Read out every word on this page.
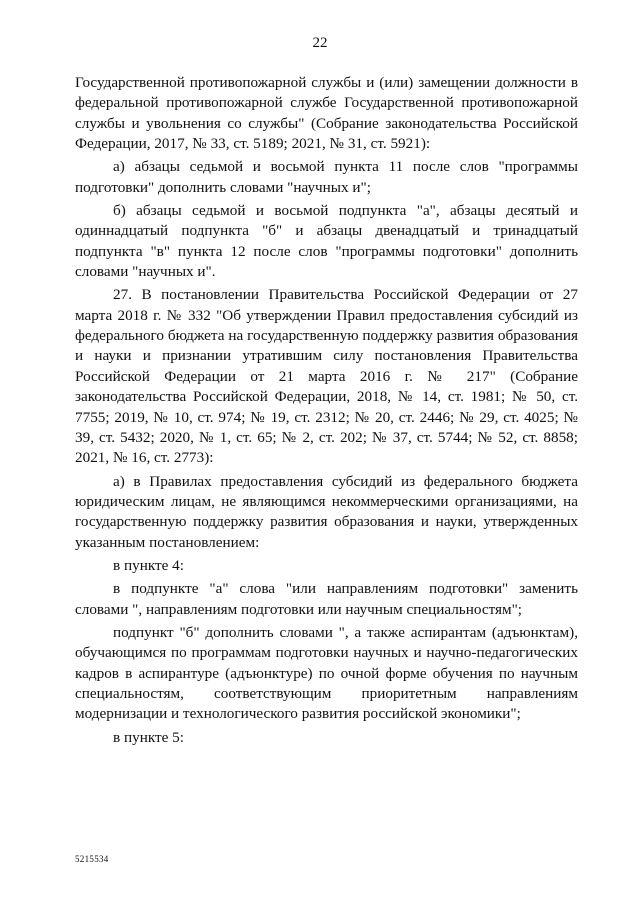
22

Государственной противопожарной службы и (или) замещении должности в федеральной противопожарной службе Государственной противопожарной службы и увольнения со службы" (Собрание законодательства Российской Федерации, 2017, № 33, ст. 5189; 2021, № 31, ст. 5921):

а) абзацы седьмой и восьмой пункта 11 после слов "программы подготовки" дополнить словами "научных и";

б) абзацы седьмой и восьмой подпункта "а", абзацы десятый и одиннадцатый подпункта "б" и абзацы двенадцатый и тринадцатый подпункта "в" пункта 12 после слов "программы подготовки" дополнить словами "научных и".

27. В постановлении Правительства Российской Федерации от 27 марта 2018 г. № 332 "Об утверждении Правил предоставления субсидий из федерального бюджета на государственную поддержку развития образования и науки и признании утратившим силу постановления Правительства Российской Федерации от 21 марта 2016 г. № 217" (Собрание законодательства Российской Федерации, 2018, № 14, ст. 1981; № 50, ст. 7755; 2019, № 10, ст. 974; № 19, ст. 2312; № 20, ст. 2446; № 29, ст. 4025; № 39, ст. 5432; 2020, № 1, ст. 65; № 2, ст. 202; № 37, ст. 5744; № 52, ст. 8858; 2021, № 16, ст. 2773):

а) в Правилах предоставления субсидий из федерального бюджета юридическим лицам, не являющимся некоммерческими организациями, на государственную поддержку развития образования и науки, утвержденных указанным постановлением:

в пункте 4:

в подпункте "а" слова "или направлениям подготовки" заменить словами ", направлениям подготовки или научным специальностям";

подпункт "б" дополнить словами ", а также аспирантам (адъюнктам), обучающимся по программам подготовки научных и научно-педагогических кадров в аспирантуре (адъюнктуре) по очной форме обучения по научным специальностям, соответствующим приоритетным направлениям модернизации и технологического развития российской экономики";

в пункте 5:

5215534
